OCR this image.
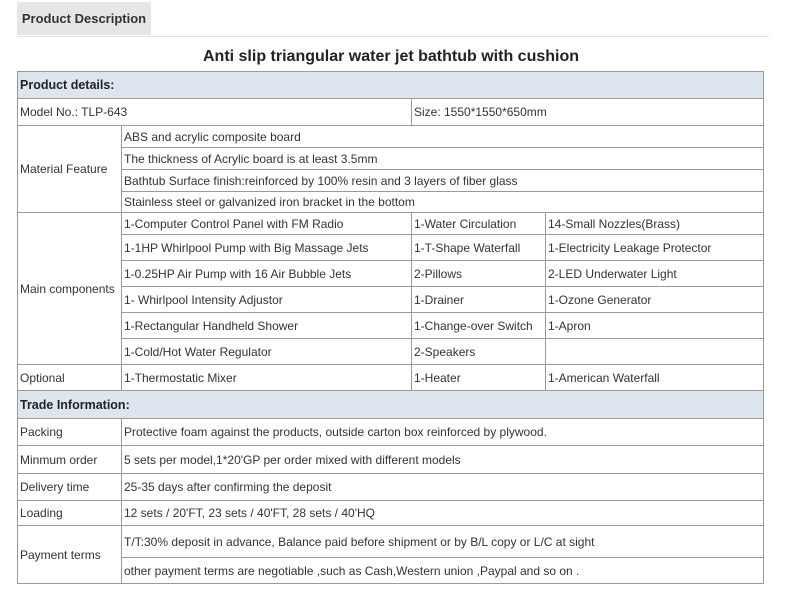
Product Description
Anti slip triangular water jet bathtub with cushion
Product details:			
Model No.: TLP-643		Size: 1550*1550*650mm	
Material Feature	ABS and acrylic composite board		
	The thickness of Acrylic board is at least 3.5mm		
	Bathtub Surface finish:reinforced by 100% resin and 3 layers of fiber glass		
	Stainless steel or galvanized iron bracket in the bottom		
Main components	1-Computer Control Panel with FM Radio	1-Water Circulation	14-Small Nozzles(Brass)
	1-1HP Whirlpool Pump with Big Massage Jets	1-T-Shape Waterfall	1-Electricity Leakage Protector
	1-0.25HP Air Pump with 16 Air Bubble Jets	2-Pillows	2-LED Underwater Light
	1- Whirlpool Intensity Adjustor	1-Drainer	1-Ozone Generator
	1-Rectangular Handheld Shower	1-Change-over Switch	1-Apron
	1-Cold/Hot Water Regulator	2-Speakers	
Optional	1-Thermostatic Mixer	1-Heater	1-American Waterfall
Trade Information:			
Packing	Protective foam against the products, outside carton box reinforced by plywood.		
Minmum order	5 sets per model,1*20'GP per order mixed with different models		
Delivery time	25-35 days after confirming the deposit		
Loading	12 sets / 20'FT, 23 sets / 40'FT, 28 sets / 40'HQ		
Payment terms	T/T:30% deposit in advance, Balance paid before shipment or by B/L copy or L/C at sight		
	other payment terms are negotiable ,such as Cash,Western union ,Paypal and so on .		
